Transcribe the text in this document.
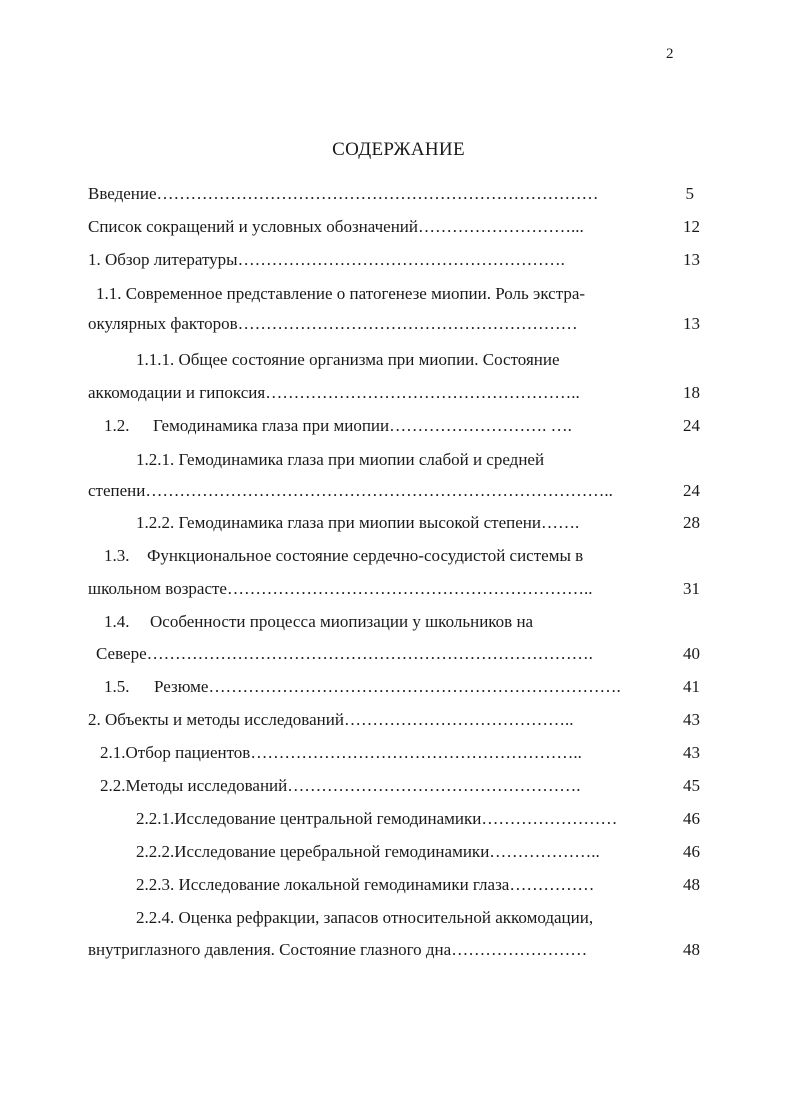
2
СОДЕРЖАНИЕ
Введение……………………………………………………………………	5
Список сокращений и условных обозначений………………………...	12
1. Обзор литературы………………………………………………….	13
1.1. Современное представление о патогенезе миопии. Роль экстра-
окулярных факторов……………………………………………………	13
1.1.1. Общее состояние организма при миопии. Состояние
аккомодации и гипоксия………………………………………………..	18
1.2.	Гемодинамика глаза при миопии………………………. ….	24
1.2.1. Гемодинамика глаза при миопии слабой и средней
степени………………………………………………………………………..	24
1.2.2. Гемодинамика глаза при миопии высокой степени…….	28
1.3.	Функциональное состояние сердечно-сосудистой системы в
школьном возрасте………………………………………………………..	31
1.4.	Особенности процесса миопизации у школьников на
Севере…………………………………………………………………….	40
1.5.	Резюме……………………………………………………………….	41
2. Объекты и методы исследований…………………………………..	43
2.1.Отбор пациентов…………………………………………………..	43
2.2.Методы исследований…………………………………………….	45
2.2.1.Исследование центральной гемодинамики……………………	46
2.2.2.Исследование церебральной гемодинамики………………..	46
2.2.3. Исследование локальной гемодинамики глаза……………	48
2.2.4. Оценка рефракции, запасов относительной аккомодации,
внутриглазного давления. Состояние глазного дна……………………	48
